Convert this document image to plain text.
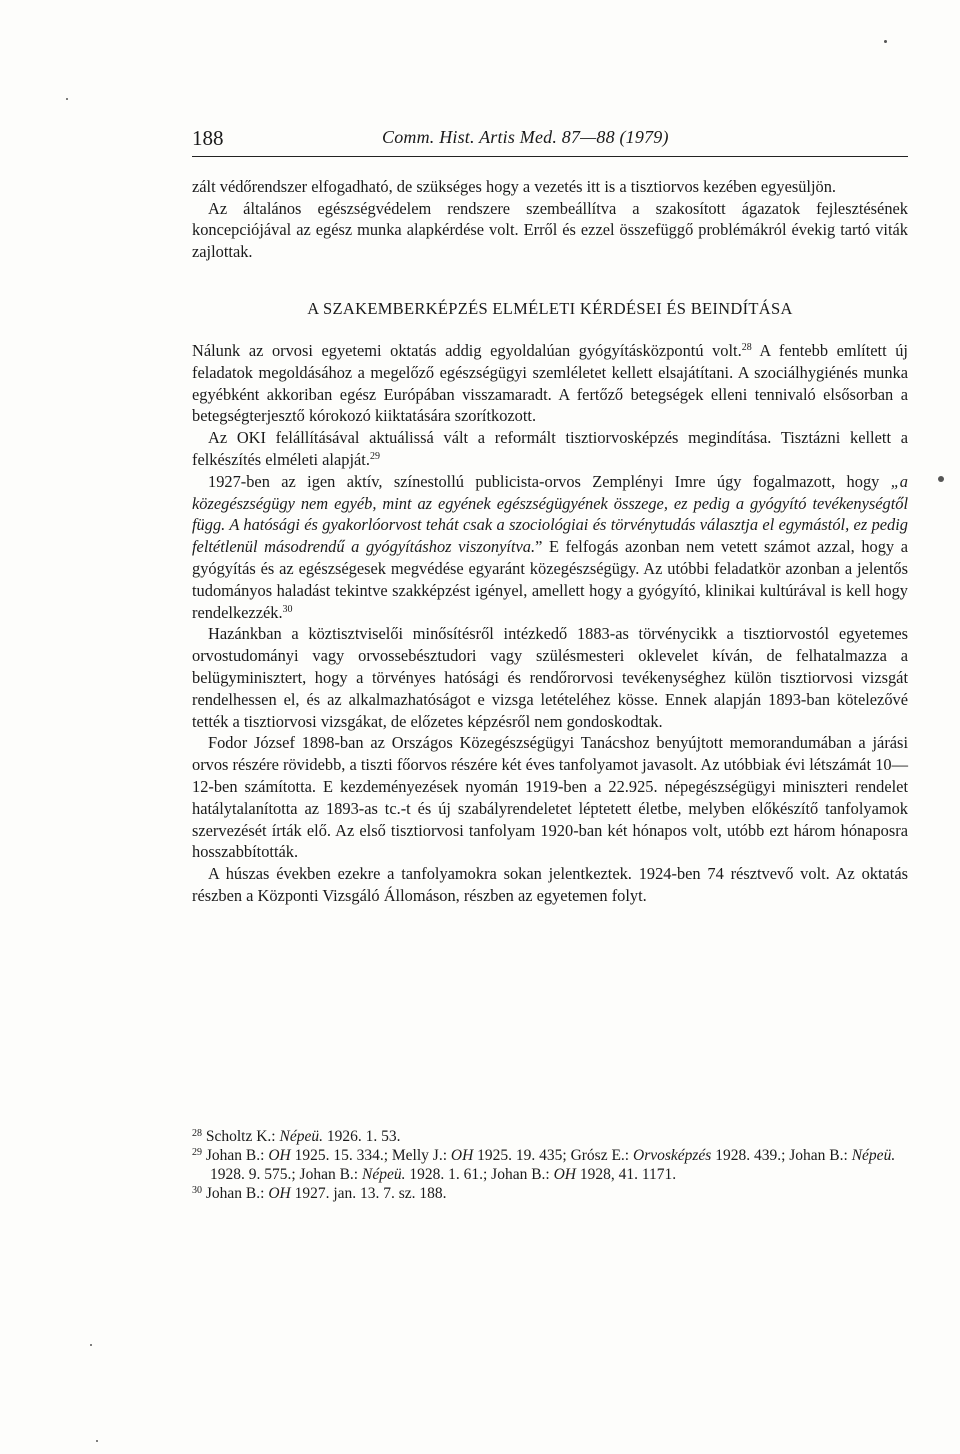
188	Comm. Hist. Artis Med. 87—88 (1979)

zált védőrendszer elfogadható, de szükséges hogy a vezetés itt is a tisztiorvos kezében egyesüljön.

Az általános egészségvédelem rendszere szembeállítva a szakosított ágazatok fejlesztésének koncepciójával az egész munka alapkérdése volt. Erről és ezzel összefüggő problémákról évekig tartó viták zajlottak.

A SZAKEMBERKÉPZÉS ELMÉLETI KÉRDÉSEI ÉS BEINDÍTÁSA

Nálunk az orvosi egyetemi oktatás addig egyoldalúan gyógyításközpontú volt.$^{28}$ A fentebb említett új feladatok megoldásához a megelőző egészségügyi szemléletet kellett elsajátítani. A szociálhygiénés munka egyébként akkoriban egész Európában visszamaradt. A fertőző betegségek elleni tennivaló elsősorban a betegségterjesztő kórokozó kiiktatására szorítkozott.

Az OKI felállításával aktuálissá vált a reformált tisztiorvosképzés megindítása. Tisztázni kellett a felkészítés elméleti alapját.$^{29}$

1927-ben az igen aktív, színestollú publicista-orvos Zemplényi Imre úgy fogalmazott, hogy „a közegészségügy nem egyéb, mint az egyének egészségügyének összege, ez pedig a gyógyító tevékenységtől függ. A hatósági és gyakorlóorvost tehát csak a szociológiai és törvénytudás választja el egymástól, ez pedig feltétlenül másodrendű a gyógyításhoz viszonyítva.” E felfogás azonban nem vetett számot azzal, hogy a gyógyítás és az egészségesek megvédése egyaránt közegészségügy. Az utóbbi feladatkör azonban a jelentős tudományos haladást tekintve szakképzést igényel, amellett hogy a gyógyító, klinikai kultúrával is kell hogy rendelkezzék.$^{30}$

Hazánkban a köztisztviselői minősítésről intézkedő 1883-as törvénycikk a tisztiorvostól egyetemes orvostudományi vagy orvossebésztudori vagy szülésmesteri oklevelet kíván, de felhatalmazza a belügyminisztert, hogy a törvényes hatósági és rendőrorvosi tevékenységhez külön tisztiorvosi vizsgát rendelhessen el, és az alkalmazhatóságot e vizsga letételéhez kösse. Ennek alapján 1893-ban kötelezővé tették a tisztiorvosi vizsgákat, de előzetes képzésről nem gondoskodtak.

Fodor József 1898-ban az Országos Közegészségügyi Tanácshoz benyújtott memorandumában a járási orvos részére rövidebb, a tiszti főorvos részére két éves tanfolyamot javasolt. Az utóbbiak évi létszámát 10—12-ben számította. E kezdeményezések nyomán 1919-ben a 22.925. népegészségügyi miniszteri rendelet hatálytalanította az 1893-as tc.-t és új szabályrendeletet léptetett életbe, melyben előkészítő tanfolyamok szervezését írták elő. Az első tisztiorvosi tanfolyam 1920-ban két hónapos volt, utóbb ezt három hónaposra hosszabbították.

A húszas években ezekre a tanfolyamokra sokan jelentkeztek. 1924-ben 74 résztvevő volt. Az oktatás részben a Központi Vizsgáló Állomáson, részben az egyetemen folyt.

$^{28}$ Scholtz K.: Népeü. 1926. 1. 53.

$^{29}$ Johan B.: OH 1925. 15. 334.; Melly J.: OH 1925. 19. 435; Grósz E.: Orvosképzés 1928. 439.; Johan B.: Népeü. 1928. 9. 575.; Johan B.: Népeü. 1928. 1. 61.; Johan B.: OH 1928, 41. 1171.

$^{30}$ Johan B.: OH 1927. jan. 13. 7. sz. 188.
